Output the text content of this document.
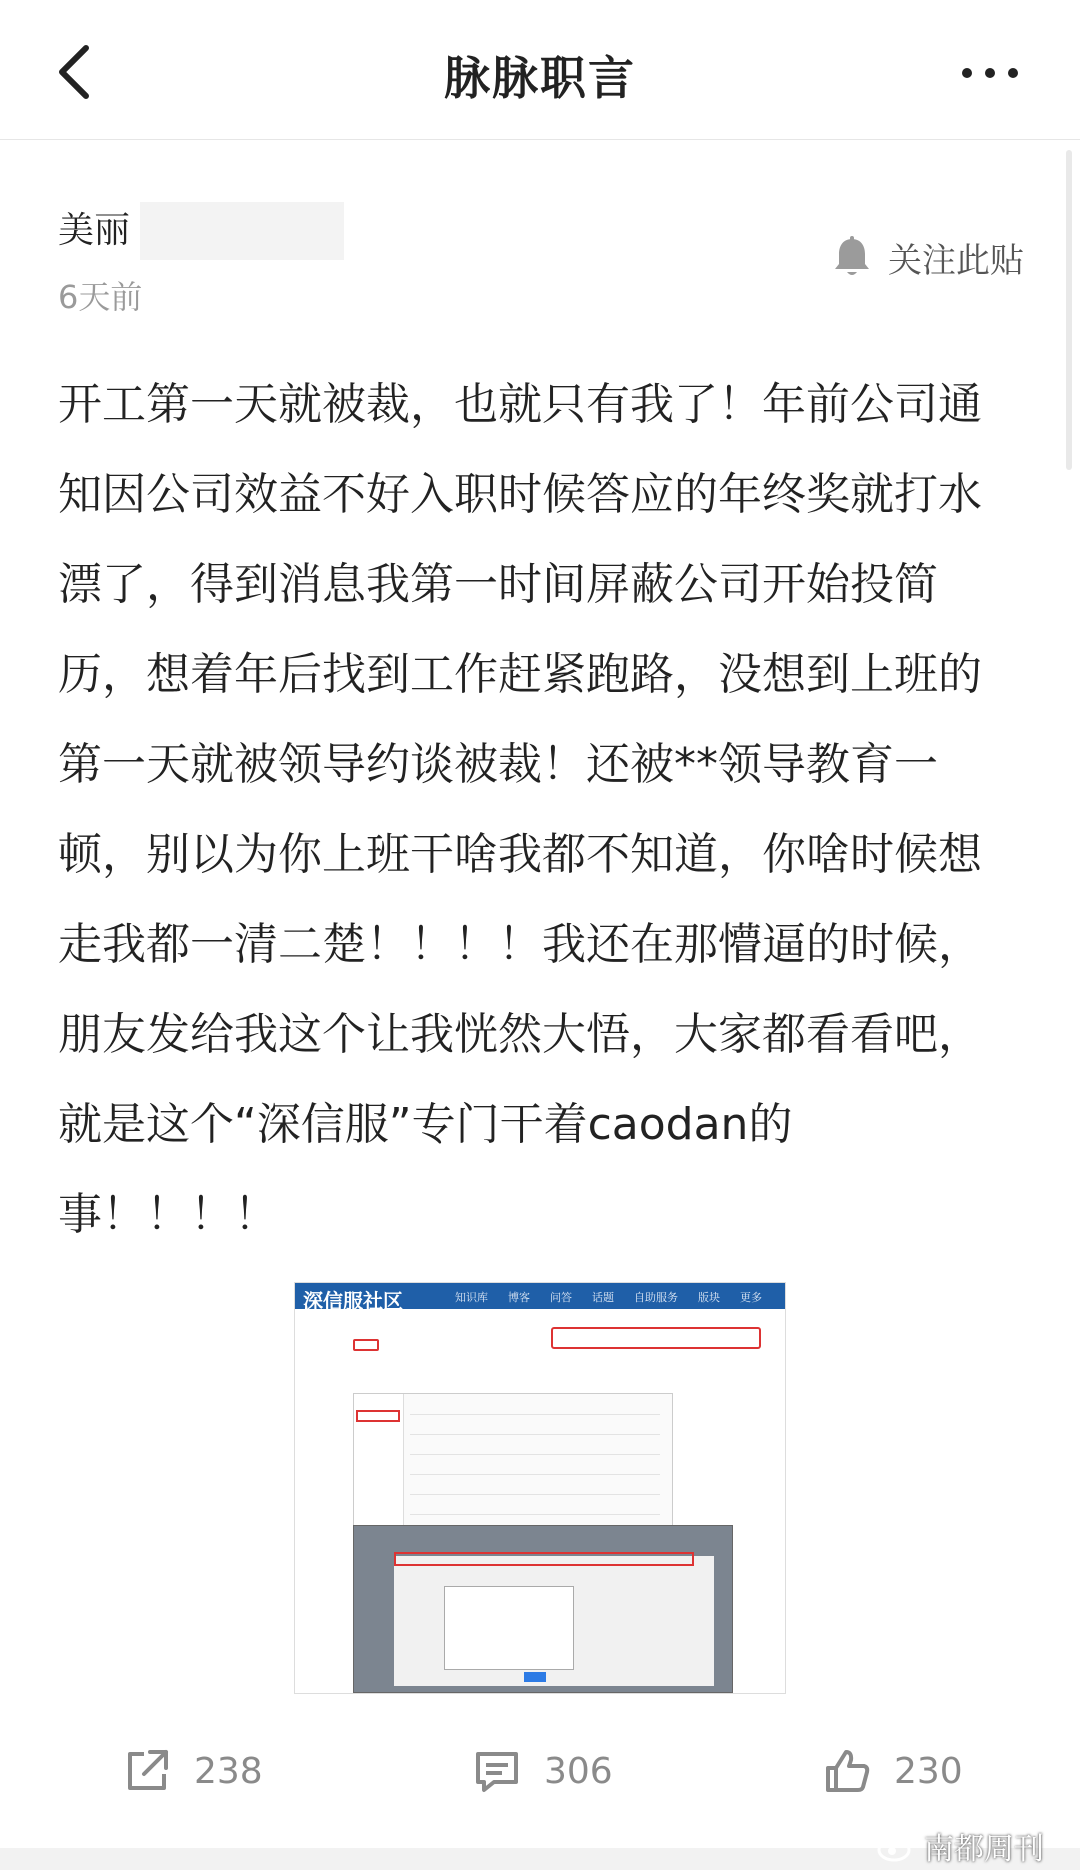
脉脉职言
美丽
6天前
关注此贴
开工第一天就被裁，也就只有我了！年前公司通
知因公司效益不好入职时候答应的年终奖就打水
漂了，得到消息我第一时间屏蔽公司开始投简
历，想着年后找到工作赶紧跑路，没想到上班的
第一天就被领导约谈被裁！还被**领导教育一
顿，别以为你上班干啥我都不知道，你啥时候想
走我都一清二楚！！！！我还在那懵逼的时候，
朋友发给我这个让我恍然大悟，大家都看看吧，
就是这个“深信服”专门干着caodan的
事！！！！
深信服社区	知识库 博客 问答 话题 自助服务 版块 更多
238	306	230
南都周刊
